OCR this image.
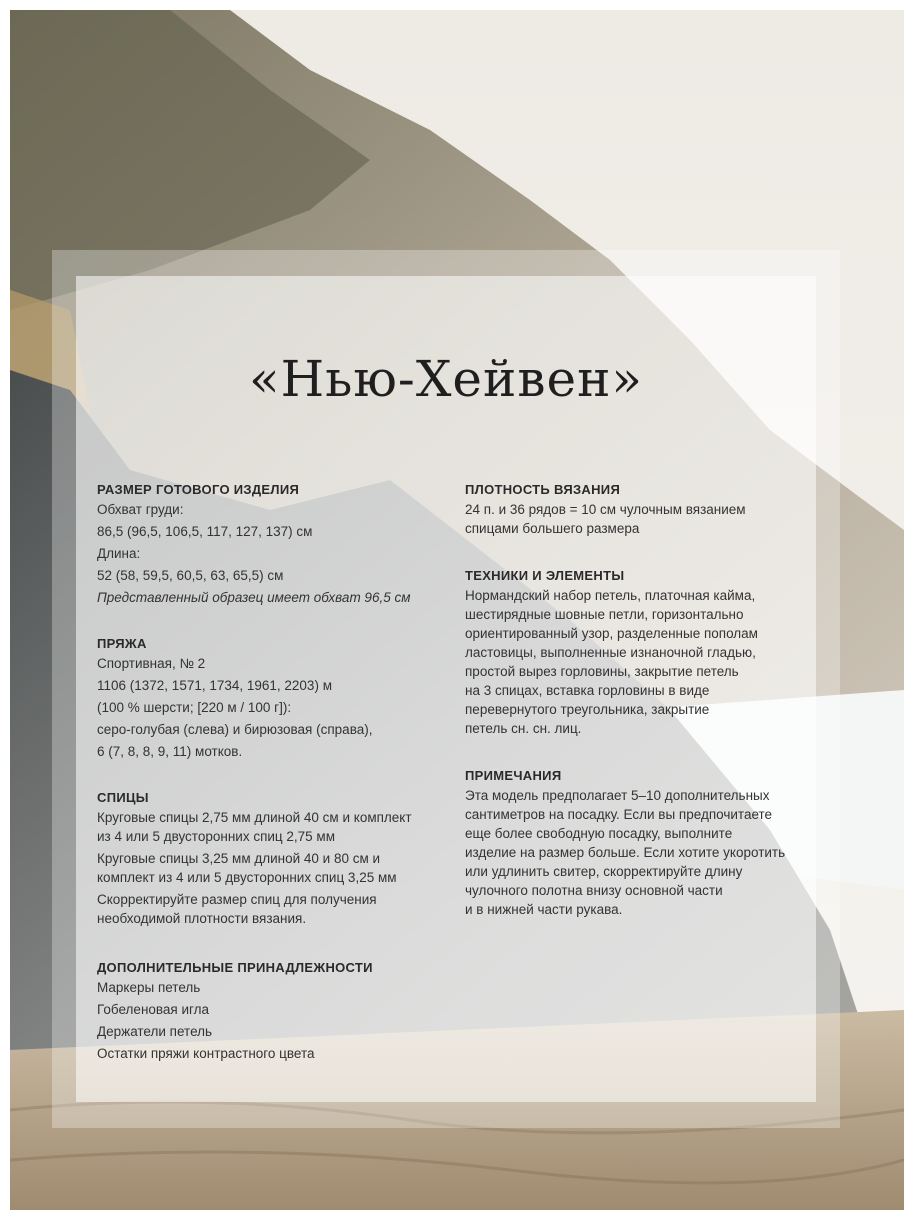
«Нью-Хейвен»
РАЗМЕР ГОТОВОГО ИЗДЕЛИЯ
Обхват груди:
86,5 (96,5, 106,5, 117, 127, 137) см
Длина:
52 (58, 59,5, 60,5, 63, 65,5) см
Представленный образец имеет обхват 96,5 см
ПРЯЖА
Спортивная, № 2
1106 (1372, 1571, 1734, 1961, 2203) м
(100 % шерсти; [220 м / 100 г]):
серо-голубая (слева) и бирюзовая (справа),
6 (7, 8, 8, 9, 11) мотков.
СПИЦЫ
Круговые спицы 2,75 мм длиной 40 см и комплект
из 4 или 5 двусторонних спиц 2,75 мм
Круговые спицы 3,25 мм длиной 40 и 80 см и
комплект из 4 или 5 двусторонних спиц 3,25 мм
Скорректируйте размер спиц для получения
необходимой плотности вязания.
ДОПОЛНИТЕЛЬНЫЕ ПРИНАДЛЕЖНОСТИ
Маркеры петель
Гобеленовая игла
Держатели петель
Остатки пряжи контрастного цвета
ПЛОТНОСТЬ ВЯЗАНИЯ
24 п. и 36 рядов = 10 см чулочным вязанием
спицами большего размера
ТЕХНИКИ И ЭЛЕМЕНТЫ
Нормандский набор петель, платочная кайма,
шестирядные шовные петли, горизонтально
ориентированный узор, разделенные пополам
ластовицы, выполненные изнаночной гладью,
простой вырез горловины, закрытие петель
на 3 спицах, вставка горловины в виде
перевернутого треугольника, закрытие
петель сн. сн. лиц.
ПРИМЕЧАНИЯ
Эта модель предполагает 5–10 дополнительных
сантиметров на посадку. Если вы предпочитаете
еще более свободную посадку, выполните
изделие на размер больше. Если хотите укоротить
или удлинить свитер, скорректируйте длину
чулочного полотна внизу основной части
и в нижней части рукава.
